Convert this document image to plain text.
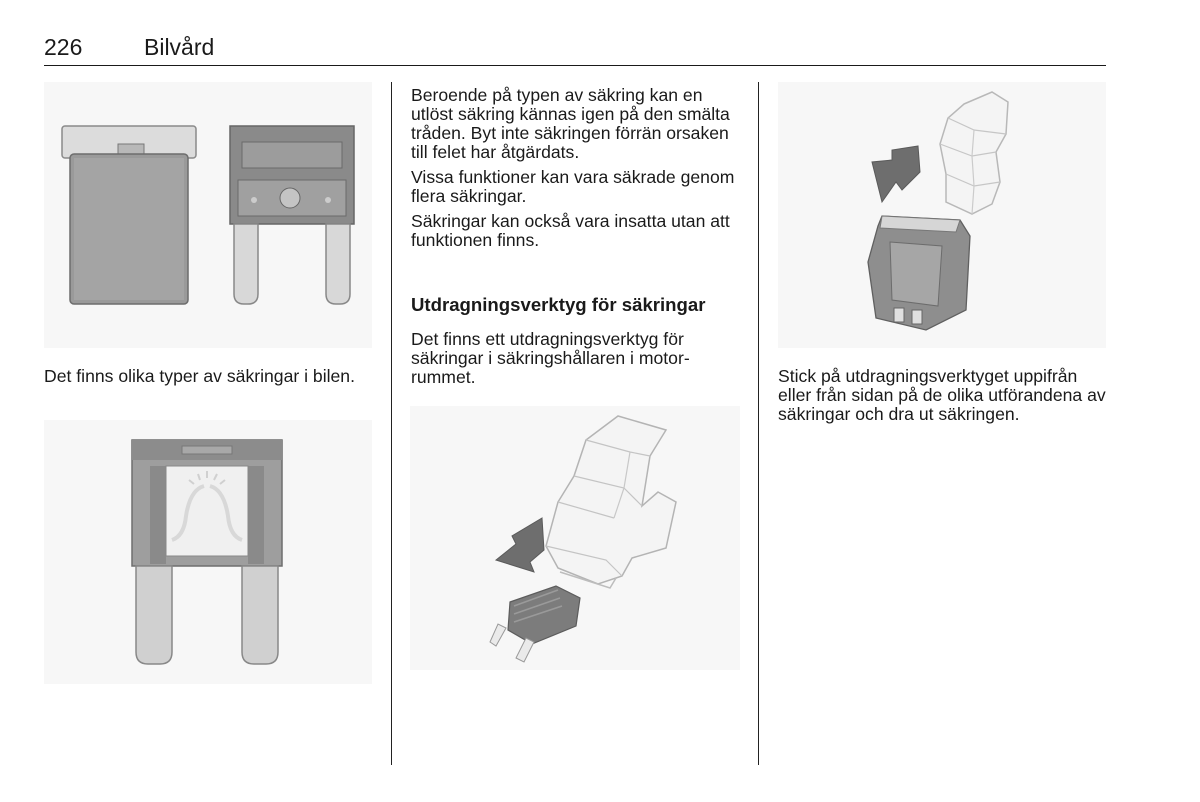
226	Bilvård
Det finns olika typer av säkringar i bilen.

Beroende på typen av säkring kan en utlöst säkring kännas igen på den smälta tråden. Byt inte säkringen förrän orsaken till felet har åtgärdats.

Vissa funktioner kan vara säkrade genom flera säkringar.

Säkringar kan också vara insatta utan att funktionen finns.

Utdragningsverktyg för säkringar
Det finns ett utdragningsverktyg för säkringar i säkringshållaren i motor-rummet.	Stick på utdragningsverktyget uppifrån eller från sidan på de olika utförandena av säkringar och dra ut säkringen.
